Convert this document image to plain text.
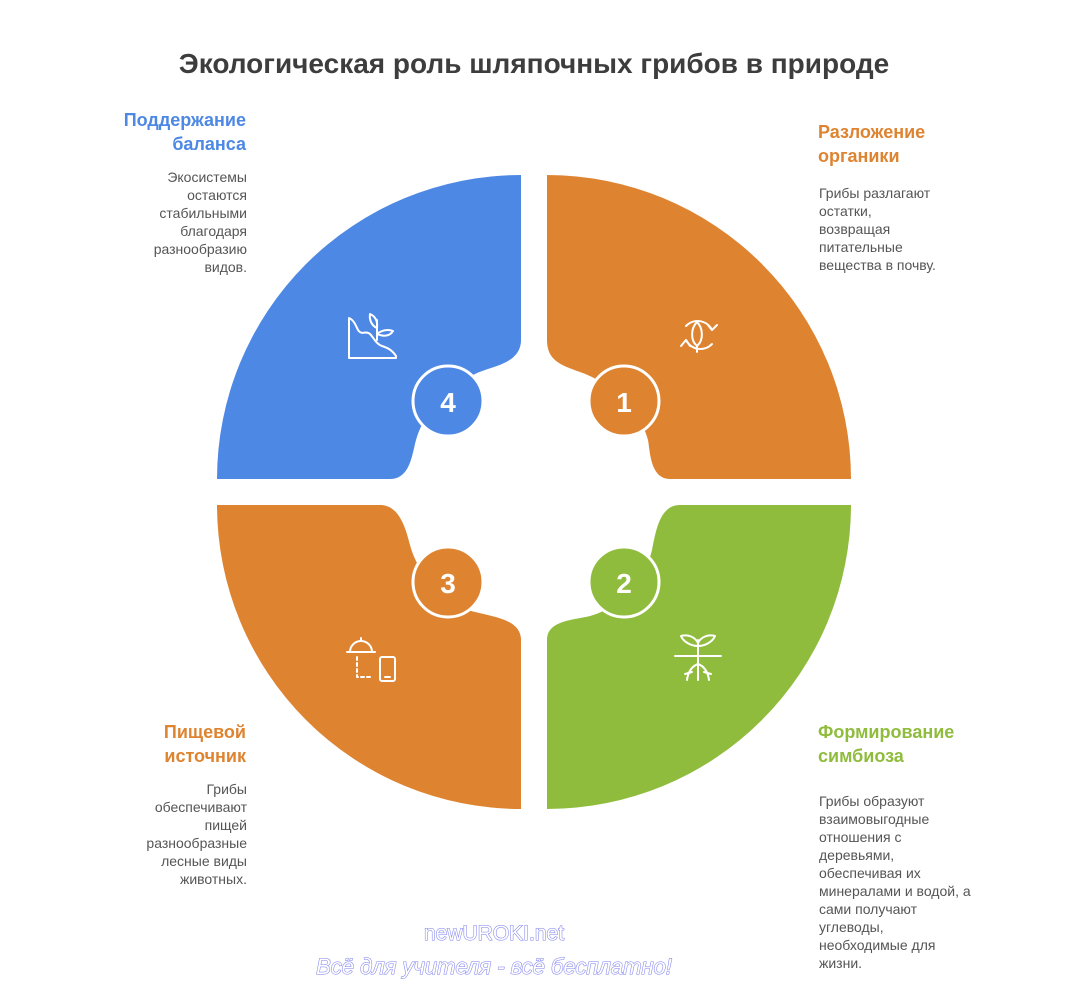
Экологическая роль шляпочных грибов в природе
1
2
3
4
Разложение
органики
Грибы разлагают
остатки,
возвращая
питательные
вещества в почву.
Формирование
симбиоза
Грибы образуют
взаимовыгодные
отношения с
деревьями,
обеспечивая их
минералами и водой, а
сами получают
углеводы,
необходимые для
жизни.
Пищевой
источник
Грибы
обеспечивают
пищей
разнообразные
лесные виды
животных.
Поддержание
баланса
Экосистемы
остаются
стабильными
благодаря
разнообразию
видов.
newUROKI.net
Всё для учителя - всё бесплатно!
